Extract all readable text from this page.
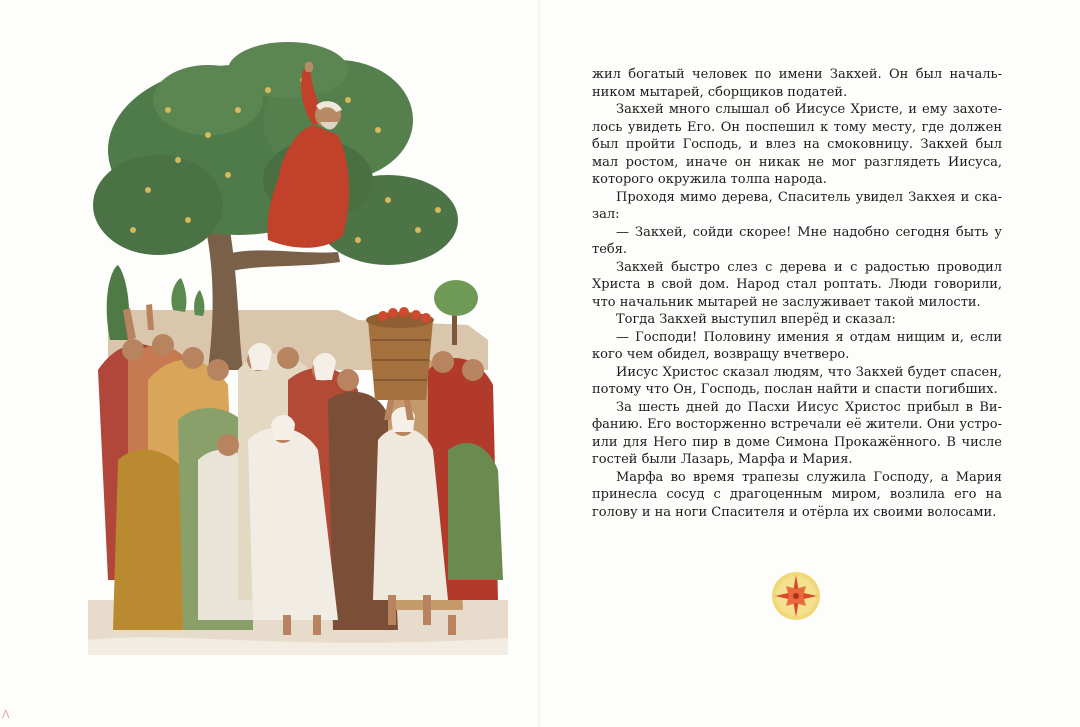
жил богатый человек по имени Закхей. Он был начальником мытарей, сборщиков податей.

Закхей много слышал об Иисусе Христе, и ему захотелось увидеть Его. Он поспешил к тому месту, где должен был пройти Господь, и влез на смоковницу. Закхей был мал ростом, иначе он никак не мог разглядеть Иисуса, которого окружила толпа народа.

Проходя мимо дерева, Спаситель увидел Закхея и сказал:

— Закхей, сойди скорее! Мне надобно сегодня быть у тебя.

Закхей быстро слез с дерева и с радостью проводил Христа в свой дом. Народ стал роптать. Люди говорили, что начальник мытарей не заслуживает такой милости.

Тогда Закхей выступил вперёд и сказал:

— Господи! Половину имения я отдам нищим и, если кого чем обидел, возвращу вчетверо.

Иисус Христос сказал людям, что Закхей будет спасен, потому что Он, Господь, послан найти и спасти погибших.

За шесть дней до Пасхи Иисус Христос прибыл в Вифанию. Его восторженно встречали её жители. Они устроили для Него пир в доме Симона Прокажённого. В числе гостей были Лазарь, Марфа и Мария.

Марфа во время трапезы служила Господу, а Мария принесла сосуд с драгоценным миром, возлила его на голову и на ноги Спасителя и отёрла их своими волосами.

Λ
